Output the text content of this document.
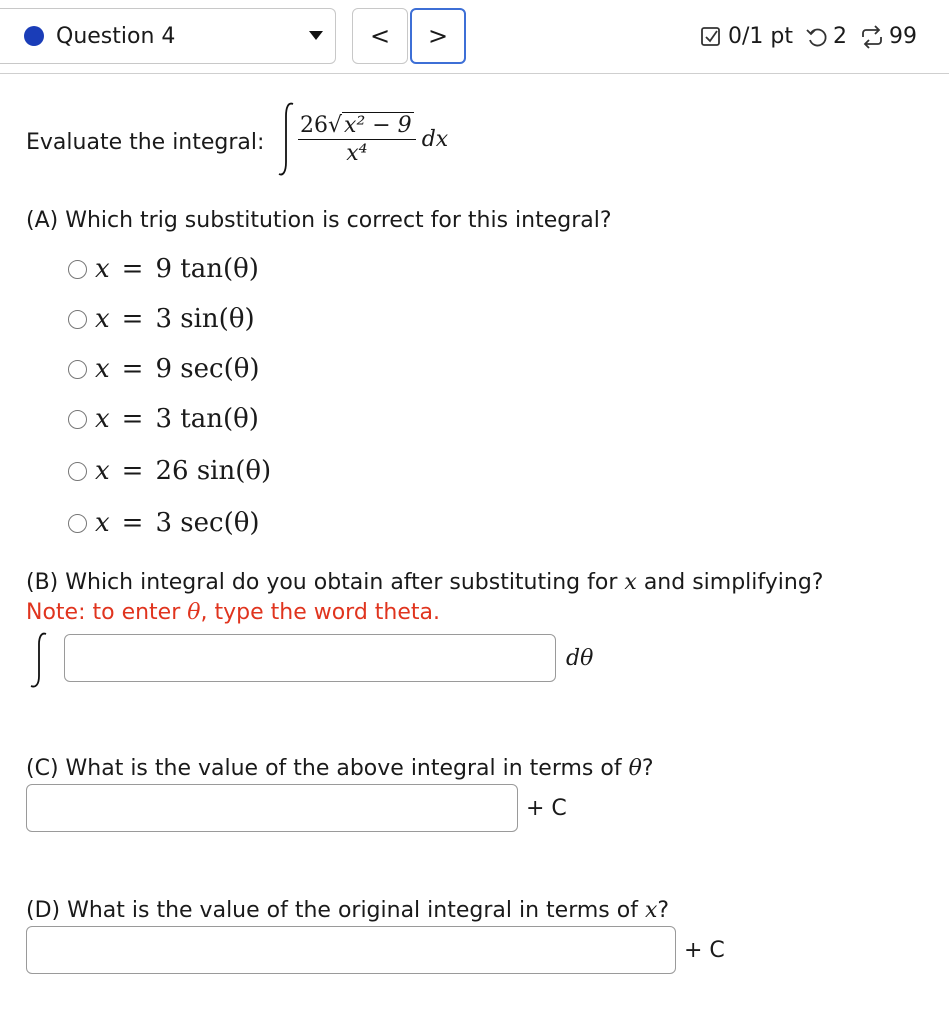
Question 4	< >	0/1 pt 2 99
Evaluate the integral: $\frac{\text{26√x² − 9}}{\text{x⁴}}$ dx
(A) Which trig substitution is correct for this integral?
x = 9 tan(θ)
x = 3 sin(θ)
x = 9 sec(θ)
x = 3 tan(θ)
x = 26 sin(θ)
x = 3 sec(θ)
(B) Which integral do you obtain after substituting for x and simplifying?
Note: to enter θ, type the word theta.
dθ
(C) What is the value of the above integral in terms of θ?
+ C
(D) What is the value of the original integral in terms of x?
+ C
